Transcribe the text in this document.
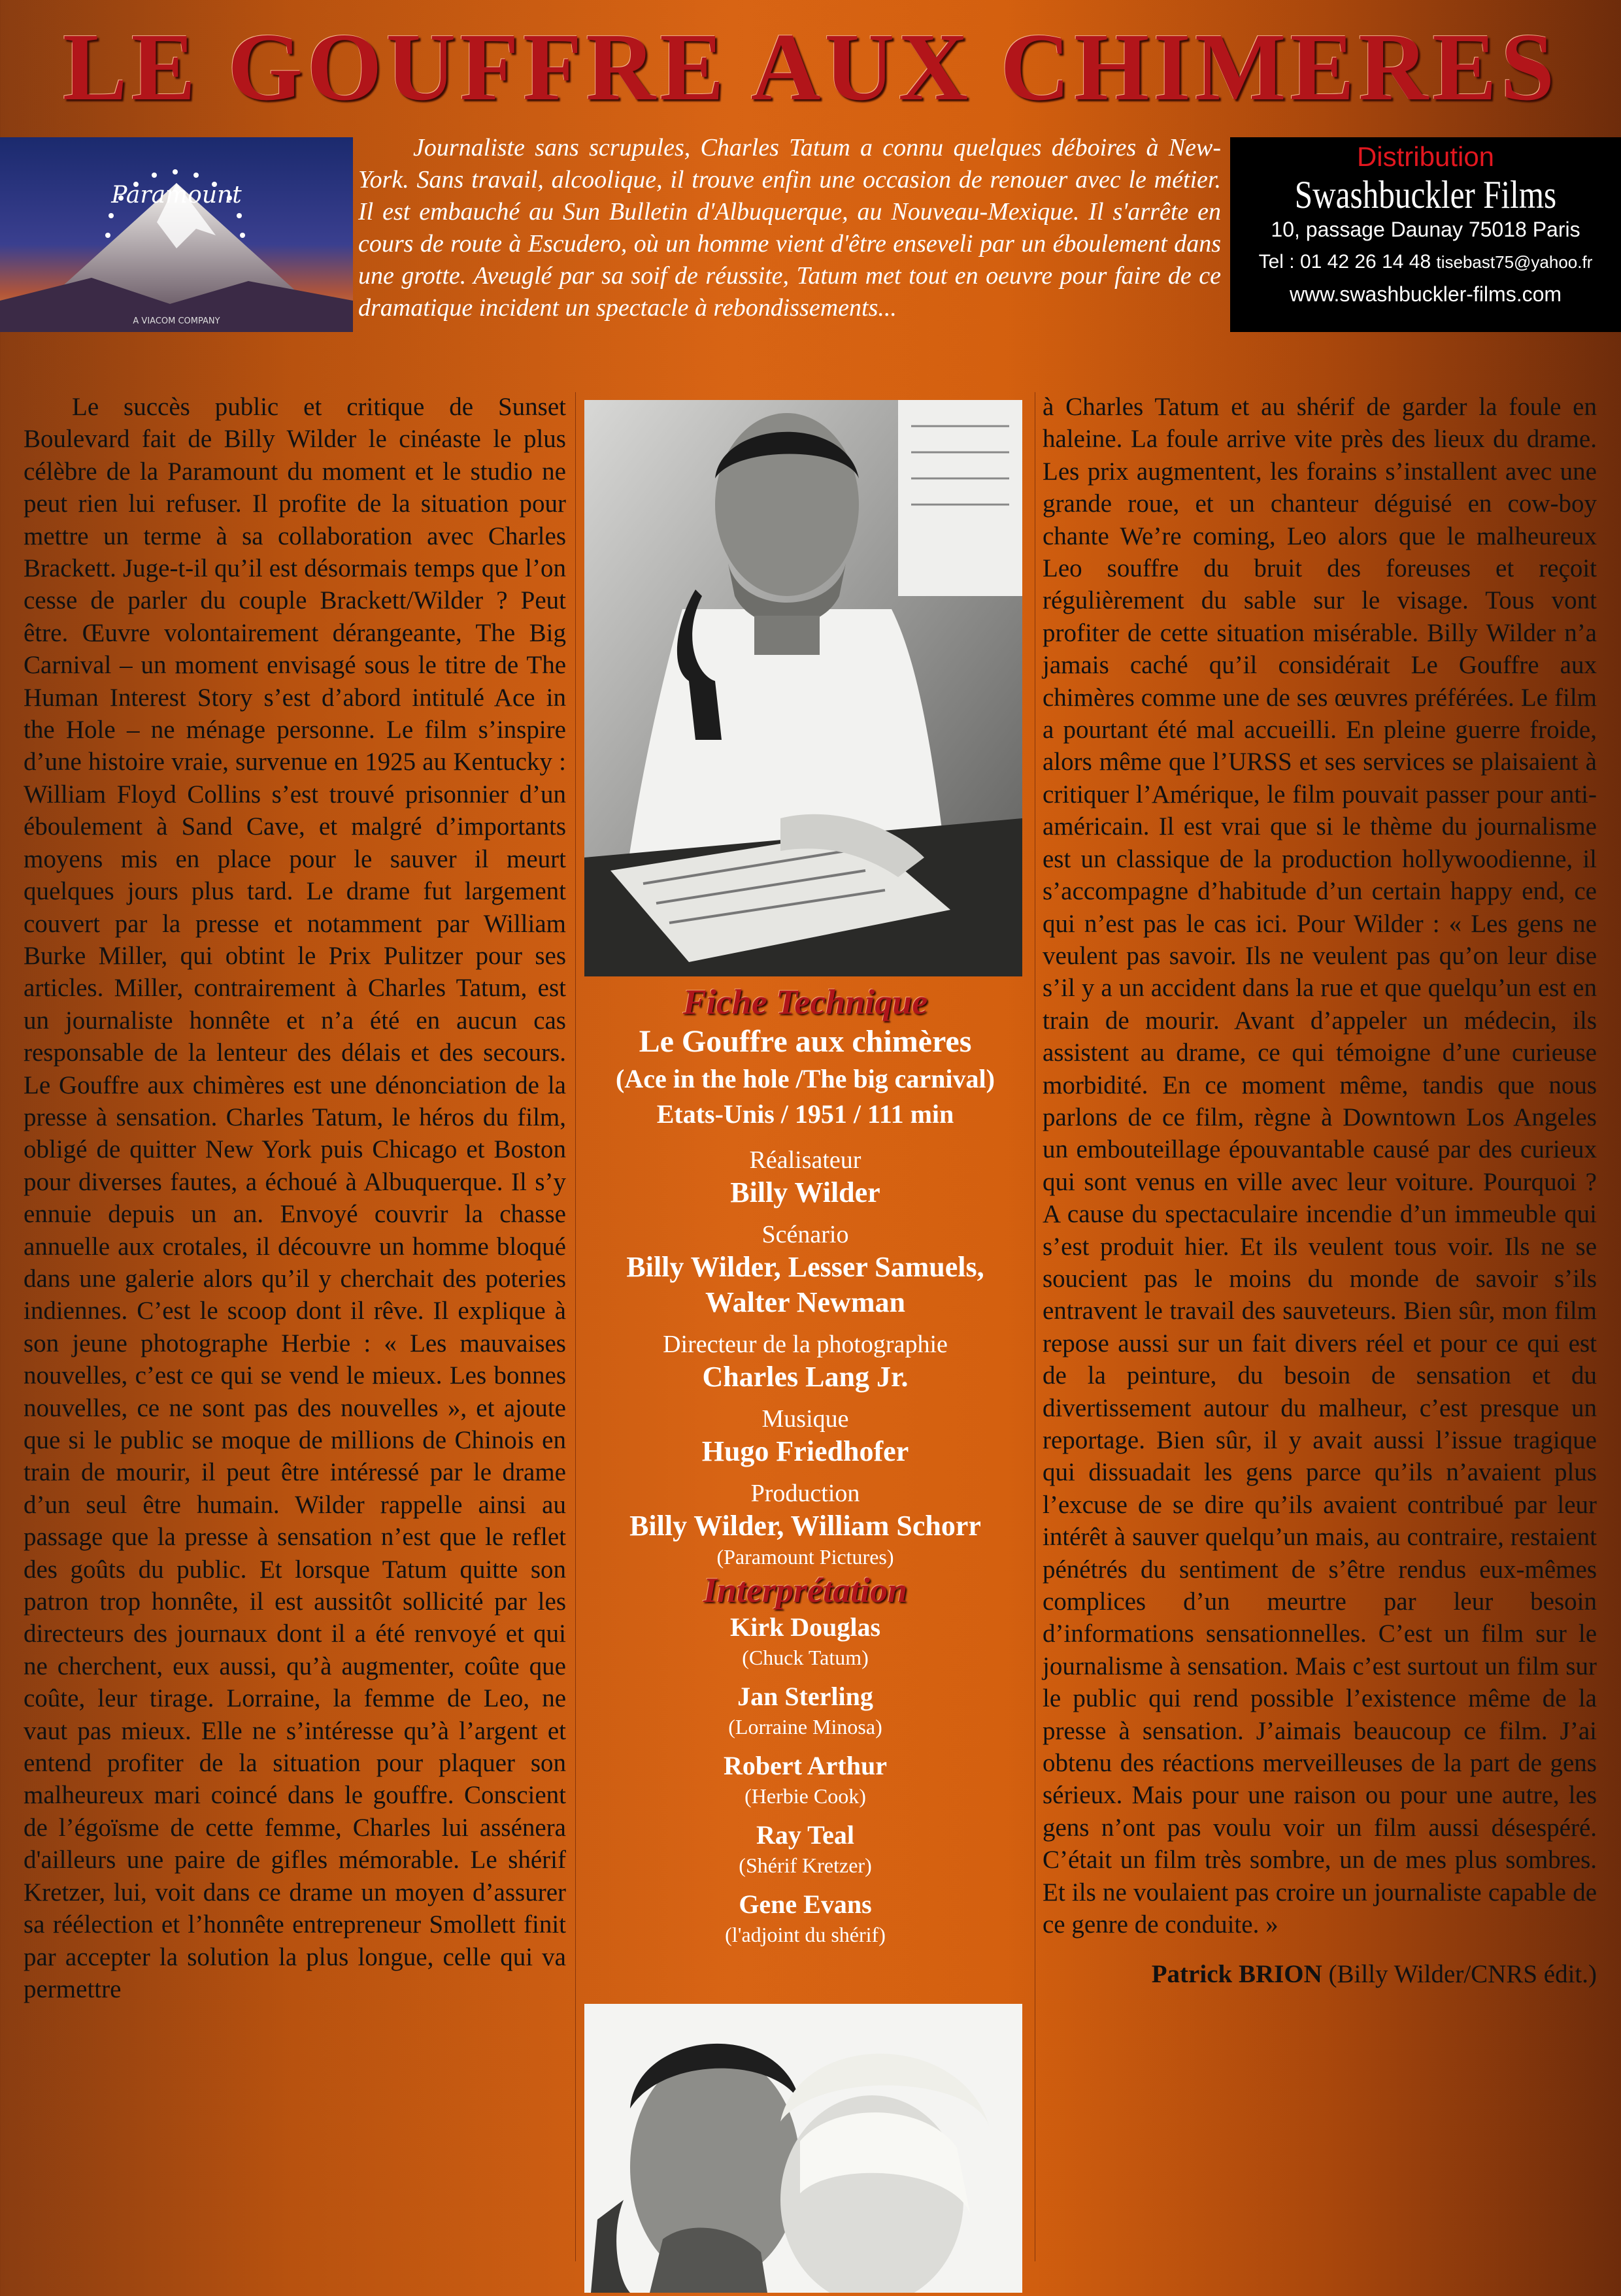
LE GOUFFRE AUX CHIMERES
Paramount
A VIACOM COMPANY
Journaliste sans scrupules, Charles Tatum a connu quelques déboires à New-York. Sans travail, alcoolique, il trouve enfin une occasion de renouer avec le métier. Il est embauché au Sun Bulletin d'Albuquerque, au Nouveau-Mexique. Il s'arrête en cours de route à Escudero, où un homme vient d'être enseveli par un éboulement dans une grotte. Aveuglé par sa soif de réussite, Tatum met tout en oeuvre pour faire de ce dramatique incident un spectacle à rebondissements...
Distribution
Swashbuckler Films
10, passage Daunay 75018 Paris
Tel : 01 42 26 14 48 tisebast75@yahoo.fr
www.swashbuckler-films.com

Le succès public et critique de Sunset Boulevard fait de Billy Wilder le cinéaste le plus célèbre de la Paramount du moment et le studio ne peut rien lui refuser. Il profite de la situation pour mettre un terme à sa collaboration avec Charles Brackett. Juge-t-il qu’il est désormais temps que l’on cesse de parler du couple Brackett/Wilder ? Peut être. Œuvre volontairement dérangeante, The Big Carnival – un moment envisagé sous le titre de The Human Interest Story s’est d’abord intitulé Ace in the Hole – ne ménage personne. Le film s’inspire d’une histoire vraie, survenue en 1925 au Kentucky : William Floyd Collins s’est trouvé prisonnier d’un éboulement à Sand Cave, et malgré d’importants moyens mis en place pour le sauver il meurt quelques jours plus tard. Le drame fut largement couvert par la presse et notamment par William Burke Miller, qui obtint le Prix Pulitzer pour ses articles. Miller, contrairement à Charles Tatum, est un journaliste honnête et n’a été en aucun cas responsable de la lenteur des délais et des secours. Le Gouffre aux chimères est une dénonciation de la presse à sensation. Charles Tatum, le héros du film, obligé de quitter New York puis Chicago et Boston pour diverses fautes, a échoué à Albuquerque. Il s’y ennuie depuis un an. Envoyé couvrir la chasse annuelle aux crotales, il découvre un homme bloqué dans une galerie alors qu’il y cherchait des poteries indiennes. C’est le scoop dont il rêve. Il explique à son jeune photographe Herbie : « Les mauvaises nouvelles, c’est ce qui se vend le mieux. Les bonnes nouvelles, ce ne sont pas des nouvelles », et ajoute que si le public se moque de millions de Chinois en train de mourir, il peut être intéressé par le drame d’un seul être humain. Wilder rappelle ainsi au passage que la presse à sensation n’est que le reflet des goûts du public. Et lorsque Tatum quitte son patron trop honnête, il est aussitôt sollicité par les directeurs des journaux dont il a été renvoyé et qui ne cherchent, eux aussi, qu’à augmenter, coûte que coûte, leur tirage. Lorraine, la femme de Leo, ne vaut pas mieux. Elle ne s’intéresse qu’à l’argent et entend profiter de la situation pour plaquer son malheureux mari coincé dans le gouffre. Conscient de l’égoïsme de cette femme, Charles lui assénera d'ailleurs une paire de gifles mémorable. Le shérif Kretzer, lui, voit dans ce drame un moyen d’assurer sa réélection et l’honnête entrepreneur Smollett finit par accepter la solution la plus longue, celle qui va permettre

Fiche Technique
Le Gouffre aux chimères
(Ace in the hole /The big carnival)
Etats-Unis / 1951 / 111 min
Réalisateur
Billy Wilder
Scénario
Billy Wilder, Lesser Samuels, Walter Newman
Directeur de la photographie
Charles Lang Jr.
Musique
Hugo Friedhofer
Production
Billy Wilder, William Schorr
(Paramount Pictures)
Interprétation
Kirk Douglas
(Chuck Tatum)
Jan Sterling
(Lorraine Minosa)
Robert Arthur
(Herbie Cook)
Ray Teal
(Shérif Kretzer)
Gene Evans
(l'adjoint du shérif)

à Charles Tatum et au shérif de garder la foule en haleine. La foule arrive vite près des lieux du drame. Les prix augmentent, les forains s’installent avec une grande roue, et un chanteur déguisé en cow-boy chante We’re coming, Leo alors que le malheureux Leo souffre du bruit des foreuses et reçoit régulièrement du sable sur le visage. Tous vont profiter de cette situation misérable. Billy Wilder n’a jamais caché qu’il considérait Le Gouffre aux chimères comme une de ses œuvres préférées. Le film a pourtant été mal accueilli. En pleine guerre froide, alors même que l’URSS et ses services se plaisaient à critiquer l’Amérique, le film pouvait passer pour anti-américain. Il est vrai que si le thème du journalisme est un classique de la production hollywoodienne, il s’accompagne d’habitude d’un certain happy end, ce qui n’est pas le cas ici. Pour Wilder : « Les gens ne veulent pas savoir. Ils ne veulent pas qu’on leur dise s’il y a un accident dans la rue et que quelqu’un est en train de mourir. Avant d’appeler un médecin, ils assistent au drame, ce qui témoigne d’une curieuse morbidité. En ce moment même, tandis que nous parlons de ce film, règne à Downtown Los Angeles un embouteillage épouvantable causé par des curieux qui sont venus en ville avec leur voiture. Pourquoi ? A cause du spectaculaire incendie d’un immeuble qui s’est produit hier. Et ils veulent tous voir. Ils ne se soucient pas le moins du monde de savoir s’ils entravent le travail des sauveteurs. Bien sûr, mon film repose aussi sur un fait divers réel et pour ce qui est de la peinture, du besoin de sensation et du divertissement autour du malheur, c’est presque un reportage. Bien sûr, il y avait aussi l’issue tragique qui dissuadait les gens parce qu’ils n’avaient plus l’excuse de se dire qu’ils avaient contribué par leur intérêt à sauver quelqu’un mais, au contraire, restaient pénétrés du sentiment de s’être rendus eux-mêmes complices d’un meurtre par leur besoin d’informations sensationnelles. C’est un film sur le journalisme à sensation. Mais c’est surtout un film sur le public qui rend possible l’existence même de la presse à sensation. J’aimais beaucoup ce film. J’ai obtenu des réactions merveilleuses de la part de gens sérieux. Mais pour une raison ou pour une autre, les gens n’ont pas voulu voir un film aussi désespéré. C’était un film très sombre, un de mes plus sombres. Et ils ne voulaient pas croire un journaliste capable de ce genre de conduite. »

Patrick BRION (Billy Wilder/CNRS édit.)
